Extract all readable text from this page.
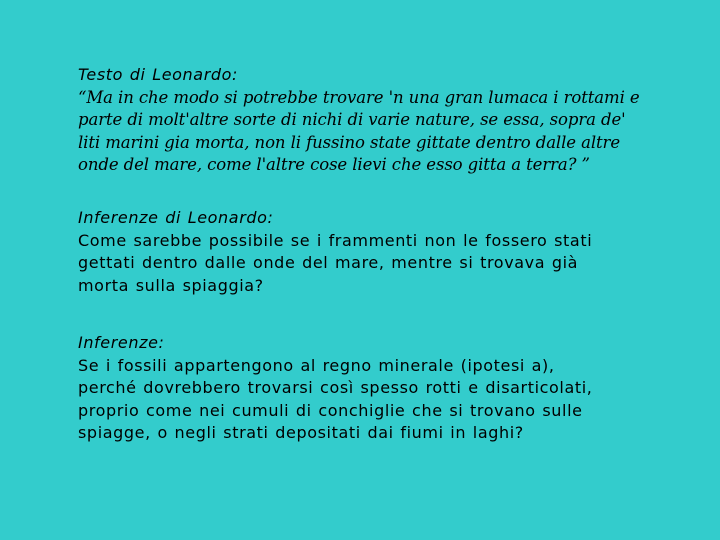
Testo di Leonardo:
“Ma in che modo si potrebbe trovare 'n una gran lumaca i rottami e
parte di molt'altre sorte di nichi di varie nature, se essa, sopra de'
liti marini gia morta, non li fussino state gittate dentro dalle altre
onde del mare, come l'altre cose lievi che esso gitta a terra? ”
Inferenze di Leonardo:
Come sarebbe possibile se i frammenti non le fossero stati
gettati dentro dalle onde del mare, mentre si trovava già
morta sulla spiaggia?
Inferenze:
Se i fossili appartengono al regno minerale (ipotesi a),
perché dovrebbero trovarsi così spesso rotti e disarticolati,
proprio come nei cumuli di conchiglie che si trovano sulle
spiagge, o negli strati depositati dai fiumi in laghi?
